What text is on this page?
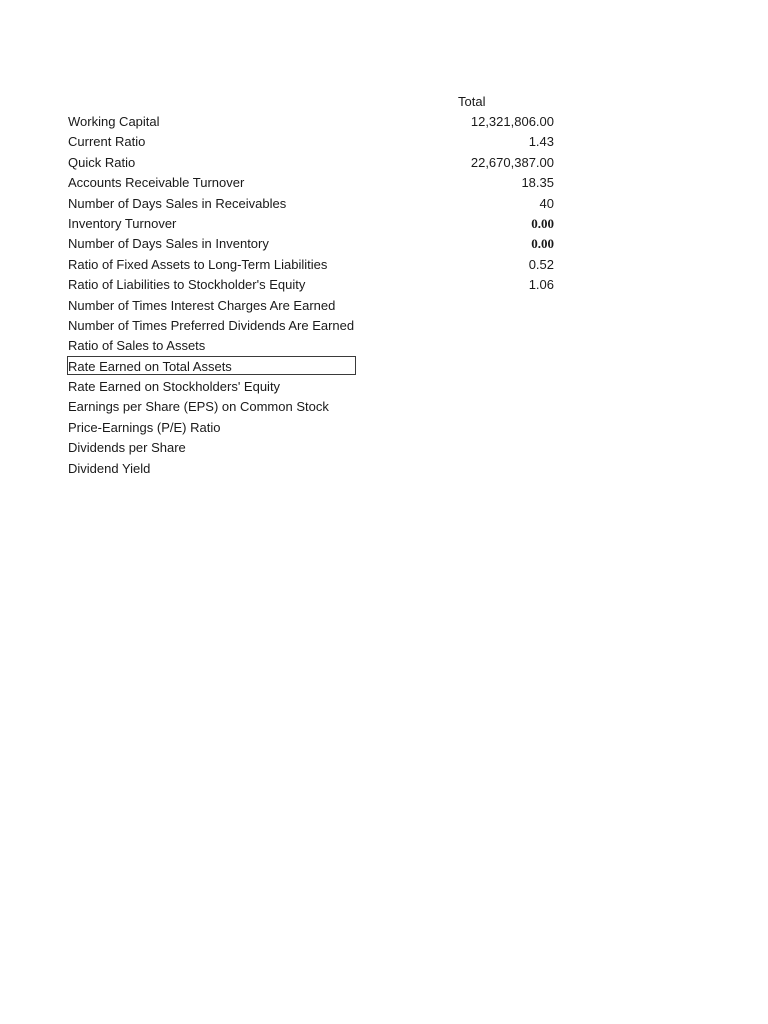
Total
Working Capital	12,321,806.00
Current Ratio	1.43
Quick Ratio	22,670,387.00
Accounts Receivable Turnover	18.35
Number of Days Sales in Receivables	40
Inventory Turnover	0.00
Number of Days Sales in Inventory	0.00
Ratio of Fixed Assets to Long-Term Liabilities	0.52
Ratio of Liabilities to Stockholder's Equity	1.06
Number of Times Interest Charges Are Earned
Number of Times Preferred Dividends Are Earned
Ratio of Sales to Assets
Rate Earned on Total Assets
Rate Earned on Stockholders' Equity
Earnings per Share (EPS) on Common Stock
Price-Earnings (P/E) Ratio
Dividends per Share
Dividend Yield
